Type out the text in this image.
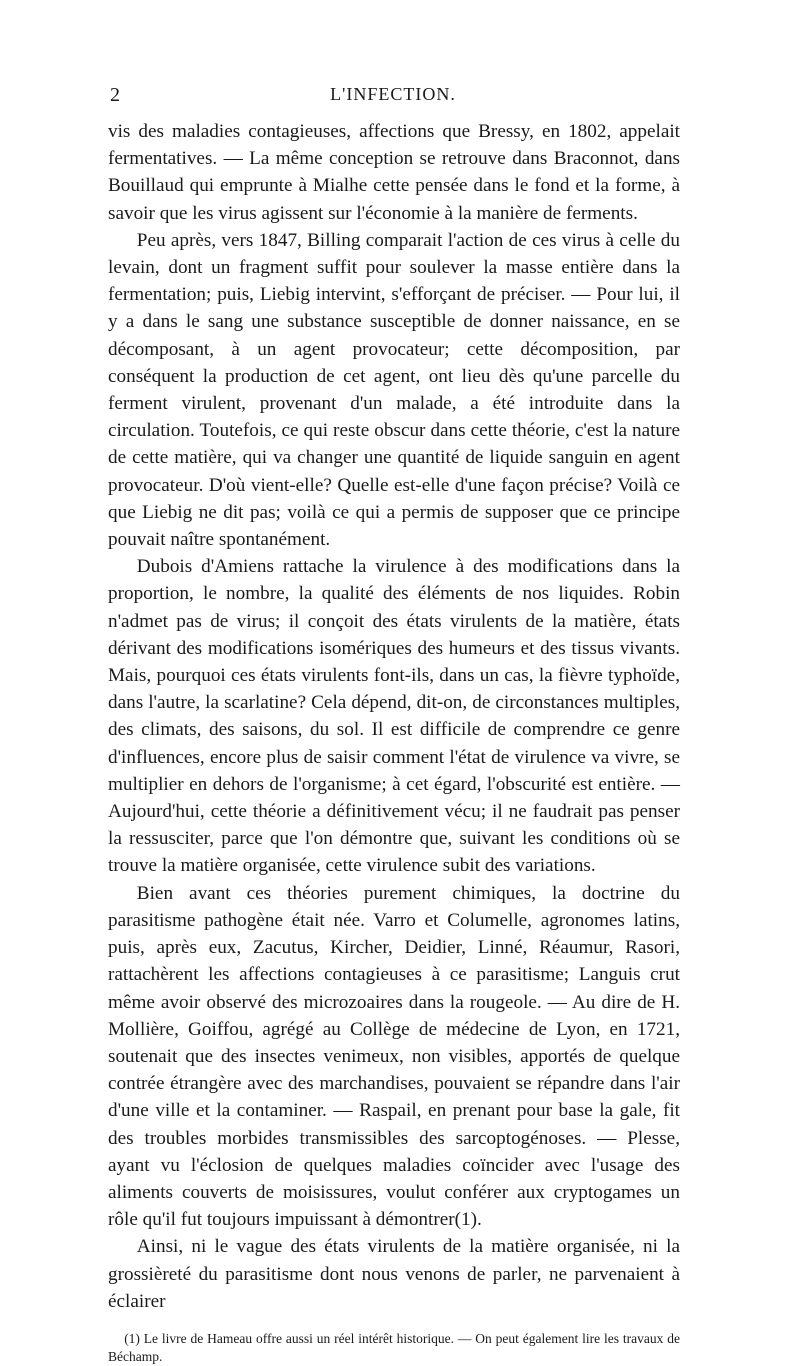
2	L'INFECTION.

vis des maladies contagieuses, affections que Bressy, en 1802, appelait fermentatives. — La même conception se retrouve dans Braconnot, dans Bouillaud qui emprunte à Mialhe cette pensée dans le fond et la forme, à savoir que les virus agissent sur l'économie à la manière de ferments.

Peu après, vers 1847, Billing comparait l'action de ces virus à celle du levain, dont un fragment suffit pour soulever la masse entière dans la fermentation; puis, Liebig intervint, s'efforçant de préciser. — Pour lui, il y a dans le sang une substance susceptible de donner naissance, en se décomposant, à un agent provocateur; cette décomposition, par conséquent la production de cet agent, ont lieu dès qu'une parcelle du ferment virulent, provenant d'un malade, a été introduite dans la circulation. Toutefois, ce qui reste obscur dans cette théorie, c'est la nature de cette matière, qui va changer une quantité de liquide sanguin en agent provocateur. D'où vient-elle? Quelle est-elle d'une façon précise? Voilà ce que Liebig ne dit pas; voilà ce qui a permis de supposer que ce principe pouvait naître spontanément.

Dubois d'Amiens rattache la virulence à des modifications dans la proportion, le nombre, la qualité des éléments de nos liquides. Robin n'admet pas de virus; il conçoit des états virulents de la matière, états dérivant des modifications isomériques des humeurs et des tissus vivants. Mais, pourquoi ces états virulents font-ils, dans un cas, la fièvre typhoïde, dans l'autre, la scarlatine? Cela dépend, dit-on, de circonstances multiples, des climats, des saisons, du sol. Il est difficile de comprendre ce genre d'influences, encore plus de saisir comment l'état de virulence va vivre, se multiplier en dehors de l'organisme; à cet égard, l'obscurité est entière. — Aujourd'hui, cette théorie a définitivement vécu; il ne faudrait pas penser la ressusciter, parce que l'on démontre que, suivant les conditions où se trouve la matière organisée, cette virulence subit des variations.

Bien avant ces théories purement chimiques, la doctrine du parasitisme pathogène était née. Varro et Columelle, agronomes latins, puis, après eux, Zacutus, Kircher, Deidier, Linné, Réaumur, Rasori, rattachèrent les affections contagieuses à ce parasitisme; Languis crut même avoir observé des microzoaires dans la rougeole. — Au dire de H. Mollière, Goiffou, agrégé au Collège de médecine de Lyon, en 1721, soutenait que des insectes venimeux, non visibles, apportés de quelque contrée étrangère avec des marchandises, pouvaient se répandre dans l'air d'une ville et la contaminer. — Raspail, en prenant pour base la gale, fit des troubles morbides transmissibles des sarcoptogénoses. — Plesse, ayant vu l'éclosion de quelques maladies coïncider avec l'usage des aliments couverts de moisissures, voulut conférer aux cryptogames un rôle qu'il fut toujours impuissant à démontrer(1).

Ainsi, ni le vague des états virulents de la matière organisée, ni la grossièreté du parasitisme dont nous venons de parler, ne parvenaient à éclairer

(1) Le livre de Hameau offre aussi un réel intérêt historique. — On peut également lire les travaux de Béchamp.
